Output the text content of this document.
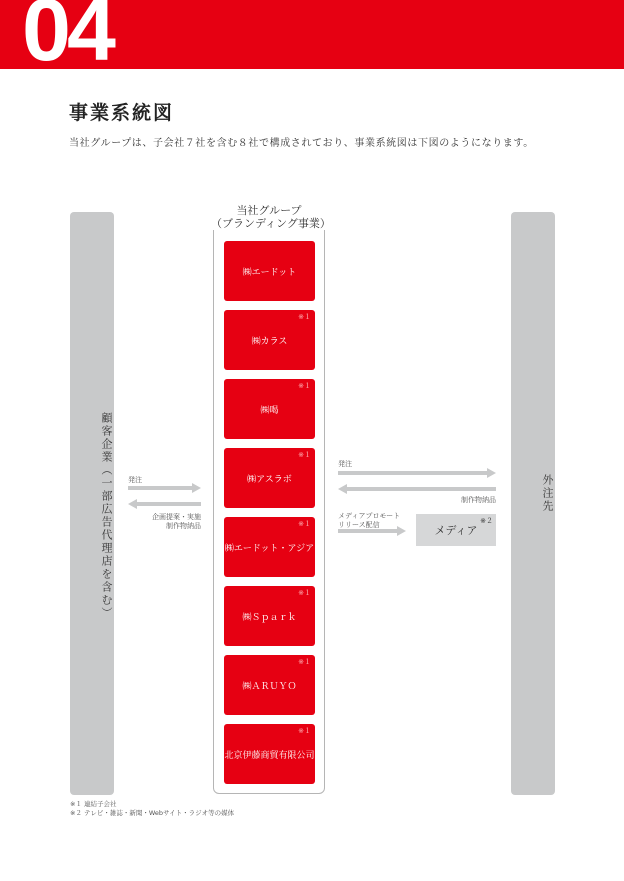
04
事業系統図
当社グループは、子会社７社を含む８社で構成されており、事業系統図は下図のようになります。
顧客企業（一部広告代理店を含む）	外注先
当社グループ
（ブランディング事業）
㈱エードット
※１
㈱カラス
※１
㈱喝
※１
㈱アスラボ
※１
㈱エードット・アジア
※１
㈱Ｓｐａｒｋ
※１
㈱ＡＲＵＹＯ
※１
北京伊藤商貿有限公司
発注
企画提案・実施
制作物納品
発注
制作物納品
メディアプロモート
リリース配信	※２
メディア
※１ 連結子会社
※２ テレビ・雑誌・新聞・Webサイト・ラジオ等の媒体
